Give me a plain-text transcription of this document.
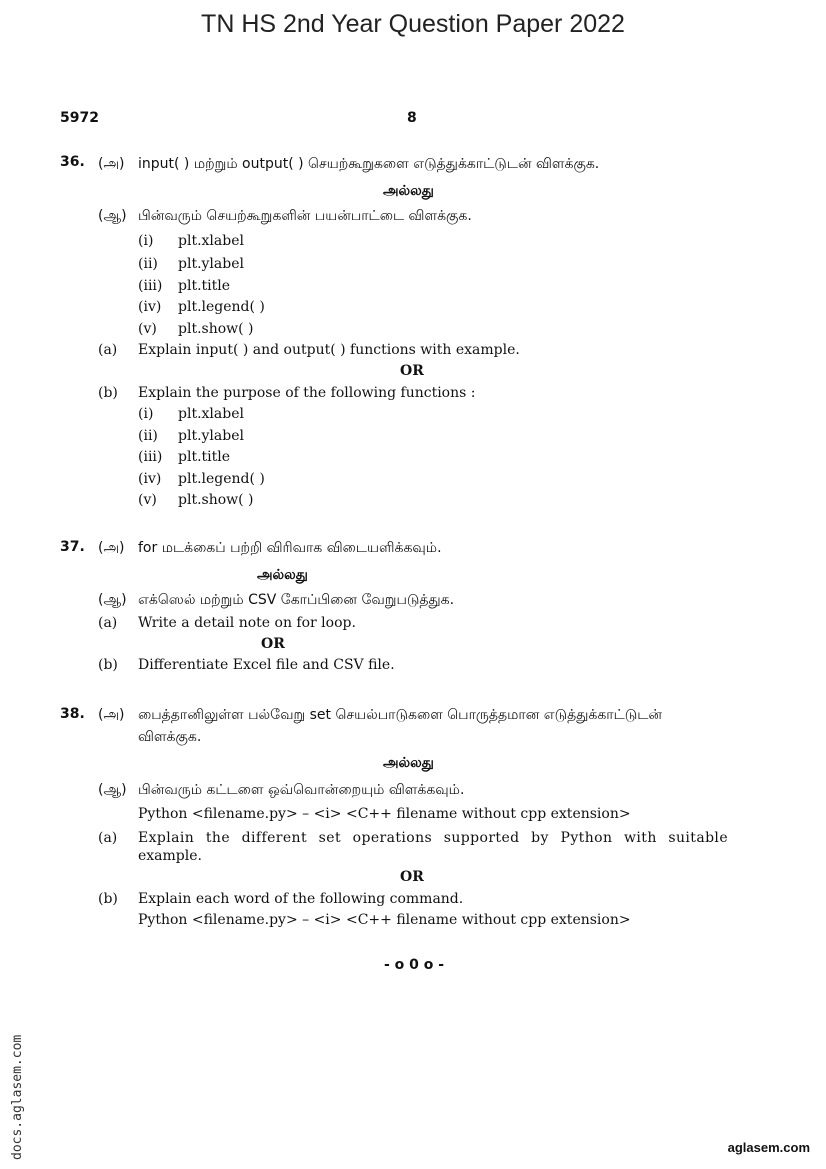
TN HS 2nd Year Question Paper 2022
5972	8
36. (அ) input( ) மற்றும் output( ) செயற்கூறுகளை எடுத்துக்காட்டுடன் விளக்குக.
அல்லது
(ஆ) பின்வரும் செயற்கூறுகளின் பயன்பாட்டை விளக்குக.
(i) plt.xlabel
(ii) plt.ylabel
(iii) plt.title
(iv) plt.legend( )
(v) plt.show( )
(a) Explain input( ) and output( ) functions with example.
OR
(b) Explain the purpose of the following functions :
(i) plt.xlabel
(ii) plt.ylabel
(iii) plt.title
(iv) plt.legend( )
(v) plt.show( )
37. (அ) for மடக்கைப் பற்றி விரிவாக விடையளிக்கவும்.
அல்லது
(ஆ) எக்ஸெல் மற்றும் CSV கோப்பினை வேறுபடுத்துக.
(a) Write a detail note on for loop.
OR
(b) Differentiate Excel file and CSV file.
38. (அ) பைத்தானிலுள்ள பல்வேறு set செயல்பாடுகளை பொருத்தமான எடுத்துக்காட்டுடன்
விளக்குக.
அல்லது
(ஆ) பின்வரும் கட்டளை ஒவ்வொன்றையும் விளக்கவும்.
Python <filename.py> – <i> <C++ filename without cpp extension>
(a) Explain the different set operations supported by Python with suitable
example.
OR
(b) Explain each word of the following command.
Python <filename.py> – <i> <C++ filename without cpp extension>
- o 0 o -
docs.aglasem.com	aglasem.com
